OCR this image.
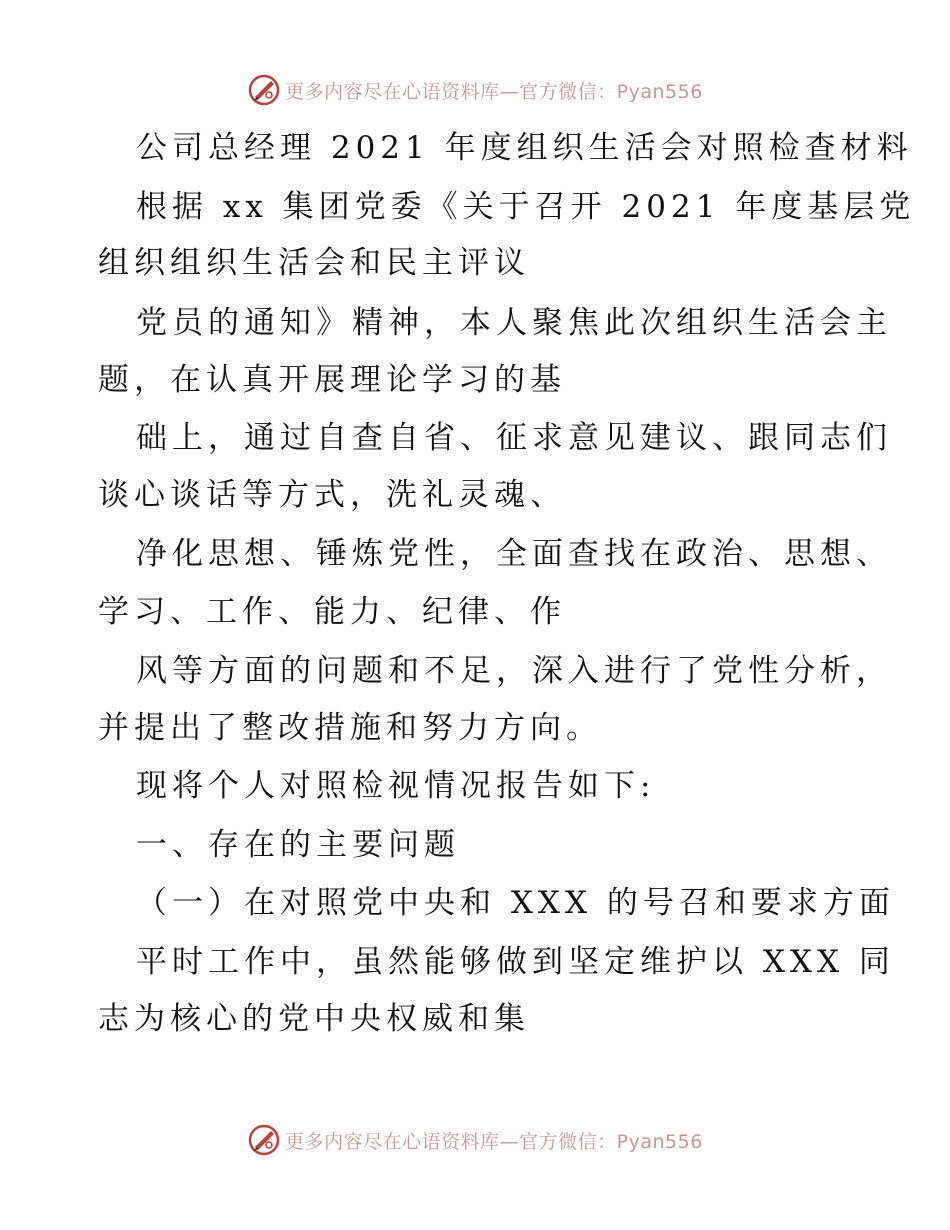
更多内容尽在心语资料库—官方微信：Pyan556
公司总经理 2021 年度组织生活会对照检查材料
根据 xx 集团党委《关于召开 2021 年度基层党
组织组织生活会和民主评议
党员的通知》精神，本人聚焦此次组织生活会主
题，在认真开展理论学习的基
础上，通过自查自省、征求意见建议、跟同志们
谈心谈话等方式，洗礼灵魂、
净化思想、锤炼党性，全面查找在政治、思想、
学习、工作、能力、纪律、作
风等方面的问题和不足，深入进行了党性分析，
并提出了整改措施和努力方向。
现将个人对照检视情况报告如下:
一、存在的主要问题
（一）在对照党中央和 XXX 的号召和要求方面
平时工作中，虽然能够做到坚定维护以 XXX 同
志为核心的党中央权威和集
更多内容尽在心语资料库—官方微信：Pyan556
